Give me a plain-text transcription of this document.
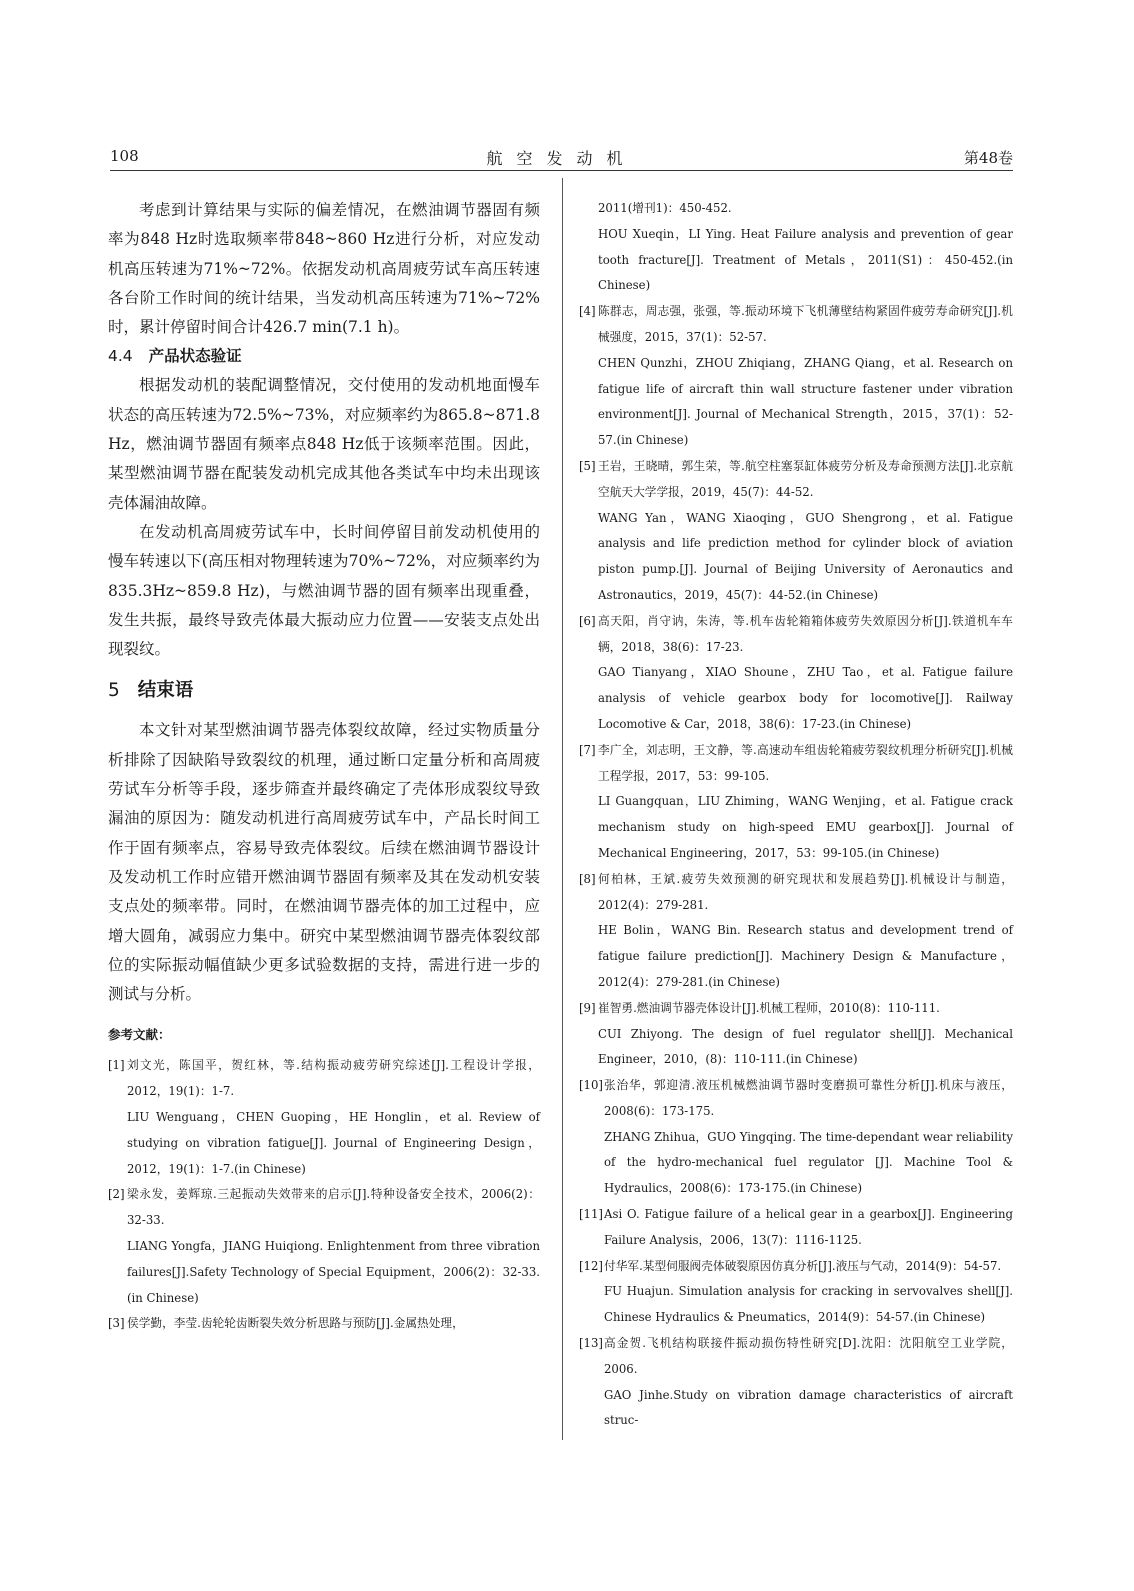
108	航空发动机	第48卷

考虑到计算结果与实际的偏差情况，在燃油调节器固有频率为848 Hz时选取频率带848~860 Hz进行分析，对应发动机高压转速为71%~72%。依据发动机高周疲劳试车高压转速各台阶工作时间的统计结果，当发动机高压转速为71%~72%时，累计停留时间合计426.7 min(7.1 h)。

4.4 产品状态验证

根据发动机的装配调整情况，交付使用的发动机地面慢车状态的高压转速为72.5%~73%，对应频率约为865.8~871.8 Hz，燃油调节器固有频率点848 Hz低于该频率范围。因此，某型燃油调节器在配装发动机完成其他各类试车中均未出现该壳体漏油故障。

在发动机高周疲劳试车中，长时间停留目前发动机使用的慢车转速以下(高压相对物理转速为70%~72%，对应频率约为835.3Hz~859.8 Hz)，与燃油调节器的固有频率出现重叠，发生共振，最终导致壳体最大振动应力位置——安装支点处出现裂纹。

5 结束语

本文针对某型燃油调节器壳体裂纹故障，经过实物质量分析排除了因缺陷导致裂纹的机理，通过断口定量分析和高周疲劳试车分析等手段，逐步筛查并最终确定了壳体形成裂纹导致漏油的原因为：随发动机进行高周疲劳试车中，产品长时间工作于固有频率点，容易导致壳体裂纹。后续在燃油调节器设计及发动机工作时应错开燃油调节器固有频率及其在发动机安装支点处的频率带。同时，在燃油调节器壳体的加工过程中，应增大圆角，减弱应力集中。研究中某型燃油调节器壳体裂纹部位的实际振动幅值缺少更多试验数据的支持，需进行进一步的测试与分析。

参考文献：
[1] 刘文光，陈国平，贺红林，等.结构振动疲劳研究综述[J].工程设计学报，2012，19(1)：1-7.
LIU Wenguang，CHEN Guoping，HE Honglin，et al. Review of studying on vibration fatigue[J]. Journal of Engineering Design，2012，19(1)：1-7.(in Chinese)
[2] 梁永发，姜辉琼.三起振动失效带来的启示[J].特种设备安全技术，2006(2)：32-33.
LIANG Yongfa，JIANG Huiqiong. Enlightenment from three vibration failures[J].Safety Technology of Special Equipment，2006(2)：32-33.(in Chinese)
[3] 侯学勤，李莹.齿轮轮齿断裂失效分析思路与预防[J].金属热处理，
2011(增刊1)：450-452.
HOU Xueqin，LI Ying. Heat Failure analysis and prevention of gear tooth fracture[J]. Treatment of Metals，2011(S1)：450-452.(in Chinese)
[4] 陈群志，周志强，张强，等.振动环境下飞机薄壁结构紧固件疲劳寿命研究[J].机械强度，2015，37(1)：52-57.
CHEN Qunzhi，ZHOU Zhiqiang，ZHANG Qiang，et al. Research on fatigue life of aircraft thin wall structure fastener under vibration environment[J]. Journal of Mechanical Strength，2015，37(1)：52-57.(in Chinese)
[5] 王岩，王晓晴，郭生荣，等.航空柱塞泵缸体疲劳分析及寿命预测方法[J].北京航空航天大学学报，2019，45(7)：44-52.
WANG Yan，WANG Xiaoqing，GUO Shengrong，et al. Fatigue analysis and life prediction method for cylinder block of aviation piston pump.[J]. Journal of Beijing University of Aeronautics and Astronautics，2019，45(7)：44-52.(in Chinese)
[6] 高天阳，肖守讷，朱涛，等.机车齿轮箱箱体疲劳失效原因分析[J].铁道机车车辆，2018，38(6)：17-23.
GAO Tianyang，XIAO Shoune，ZHU Tao，et al. Fatigue failure analysis of vehicle gearbox body for locomotive[J]. Railway Locomotive & Car，2018，38(6)：17-23.(in Chinese)
[7] 李广全，刘志明，王文静，等.高速动车组齿轮箱疲劳裂纹机理分析研究[J].机械工程学报，2017，53：99-105.
LI Guangquan，LIU Zhiming，WANG Wenjing，et al. Fatigue crack mechanism study on high-speed EMU gearbox[J]. Journal of Mechanical Engineering，2017，53：99-105.(in Chinese)
[8] 何柏林，王斌.疲劳失效预测的研究现状和发展趋势[J].机械设计与制造，2012(4)：279-281.
HE Bolin，WANG Bin. Research status and development trend of fatigue failure prediction[J]. Machinery Design & Manufacture，2012(4)：279-281.(in Chinese)
[9] 崔智勇.燃油调节器壳体设计[J].机械工程师，2010(8)：110-111.
CUI Zhiyong. The design of fuel regulator shell[J]. Mechanical Engineer，2010，(8)：110-111.(in Chinese)
[10] 张治华，郭迎清.液压机械燃油调节器时变磨损可靠性分析[J].机床与液压，2008(6)：173-175.
ZHANG Zhihua，GUO Yingqing. The time-dependant wear reliability of the hydro-mechanical fuel regulator [J]. Machine Tool & Hydraulics，2008(6)：173-175.(in Chinese)
[11] Asi O. Fatigue failure of a helical gear in a gearbox[J]. Engineering Failure Analysis，2006，13(7)：1116-1125.
[12] 付华军.某型伺服阀壳体破裂原因仿真分析[J].液压与气动，2014(9)：54-57.
FU Huajun. Simulation analysis for cracking in servovalves shell[J]. Chinese Hydraulics & Pneumatics，2014(9)：54-57.(in Chinese)
[13] 高金贺.飞机结构联接件振动损伤特性研究[D].沈阳：沈阳航空工业学院，2006.
GAO Jinhe.Study on vibration damage characteristics of aircraft struc-
